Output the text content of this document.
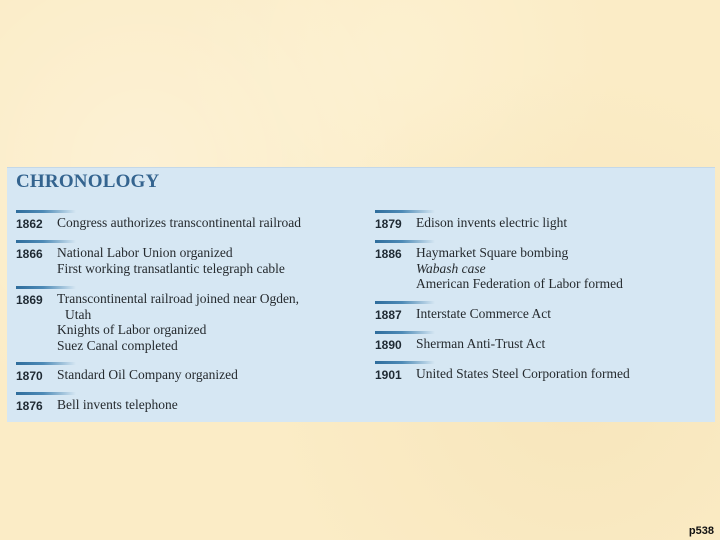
CHRONOLOGY
1862 Congress authorizes transcontinental railroad
1866 National Labor Union organized
First working transatlantic telegraph cable
1869 Transcontinental railroad joined near Ogden,
Utah
Knights of Labor organized
Suez Canal completed
1870 Standard Oil Company organized
1876 Bell invents telephone
1879 Edison invents electric light
1886 Haymarket Square bombing
Wabash case
American Federation of Labor formed
1887 Interstate Commerce Act
1890 Sherman Anti-Trust Act
1901 United States Steel Corporation formed
p538
